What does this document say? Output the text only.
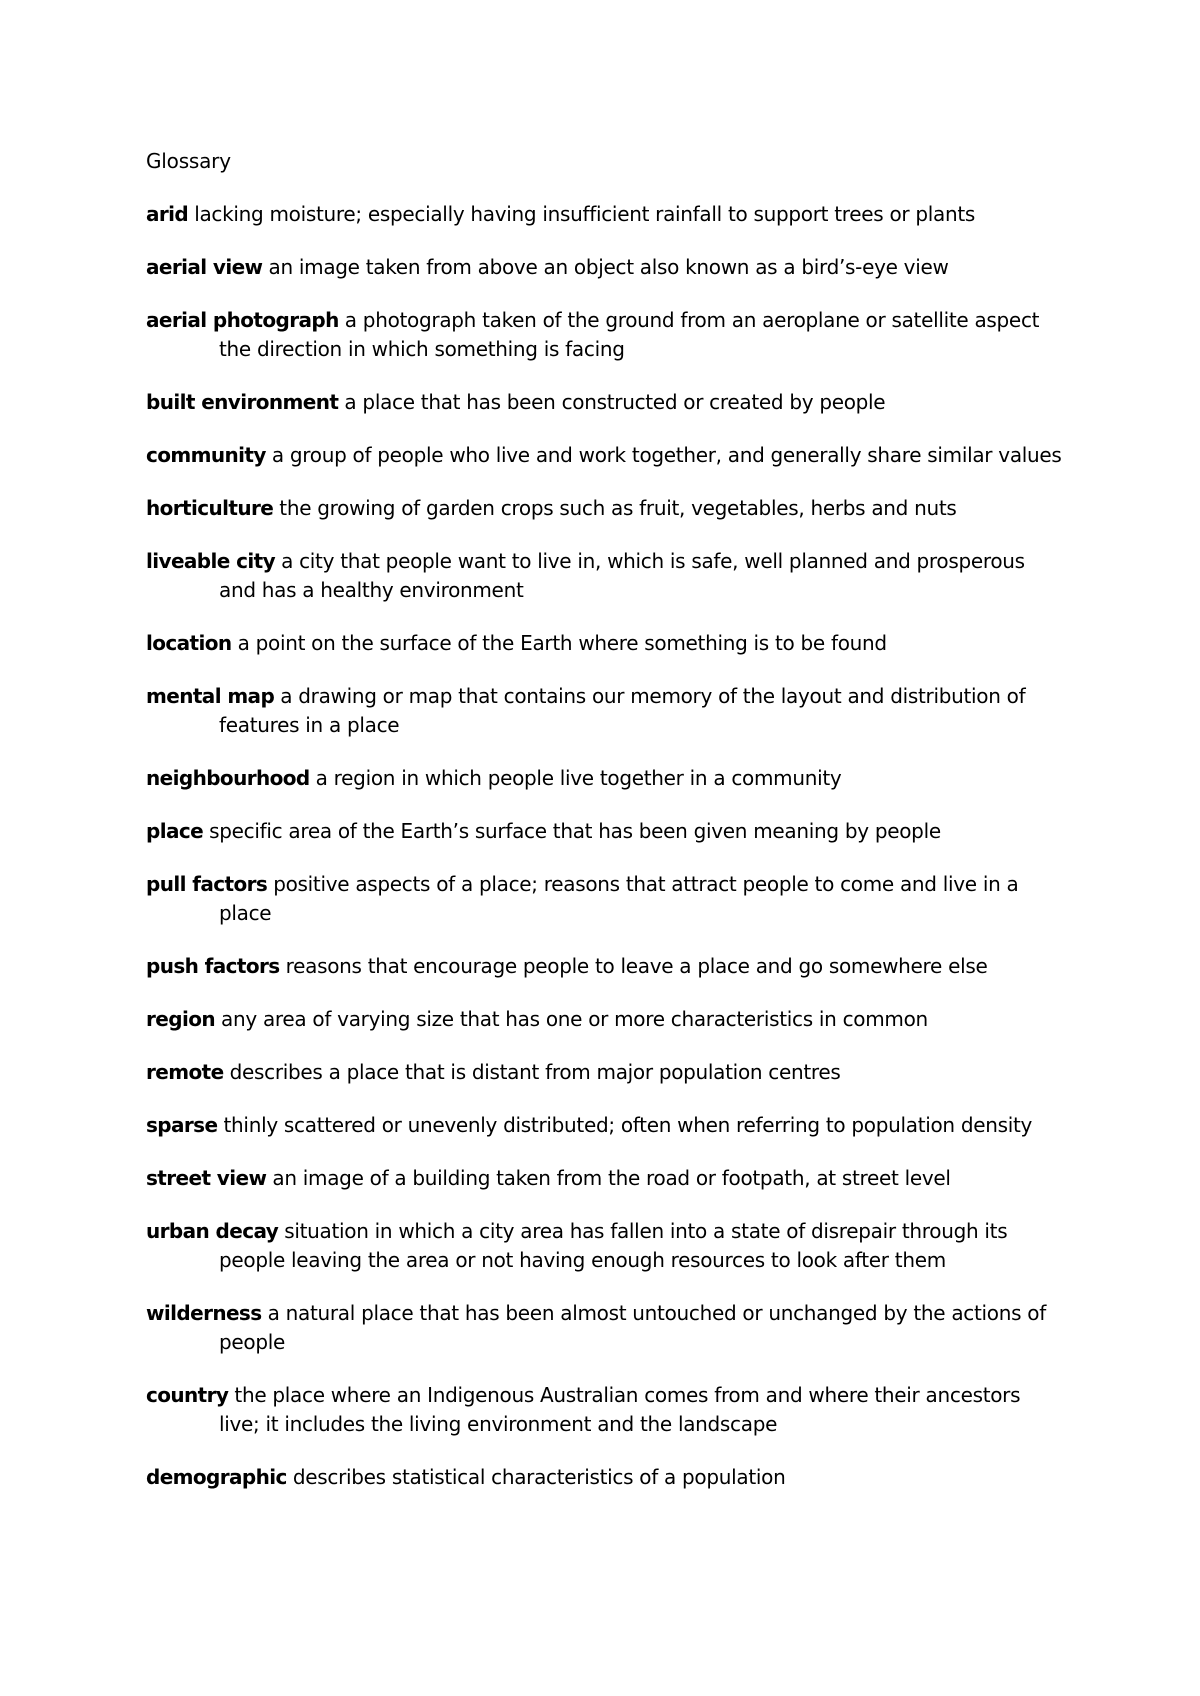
Glossary
arid lacking moisture; especially having insufficient rainfall to support trees or plants
aerial view an image taken from above an object also known as a bird’s-eye view
aerial photograph a photograph taken of the ground from an aeroplane or satellite aspect the direction in which something is facing
built environment a place that has been constructed or created by people
community a group of people who live and work together, and generally share similar values
horticulture the growing of garden crops such as fruit, vegetables, herbs and nuts
liveable city a city that people want to live in, which is safe, well planned and prosperous and has a healthy environment
location a point on the surface of the Earth where something is to be found
mental map a drawing or map that contains our memory of the layout and distribution of features in a place
neighbourhood a region in which people live together in a community
place specific area of the Earth’s surface that has been given meaning by people
pull factors positive aspects of a place; reasons that attract people to come and live in a place
push factors reasons that encourage people to leave a place and go somewhere else
region any area of varying size that has one or more characteristics in common
remote describes a place that is distant from major population centres
sparse thinly scattered or unevenly distributed; often when referring to population density
street view an image of a building taken from the road or footpath, at street level
urban decay situation in which a city area has fallen into a state of disrepair through its people leaving the area or not having enough resources to look after them
wilderness a natural place that has been almost untouched or unchanged by the actions of people
country the place where an Indigenous Australian comes from and where their ancestors live; it includes the living environment and the landscape
demographic describes statistical characteristics of a population
